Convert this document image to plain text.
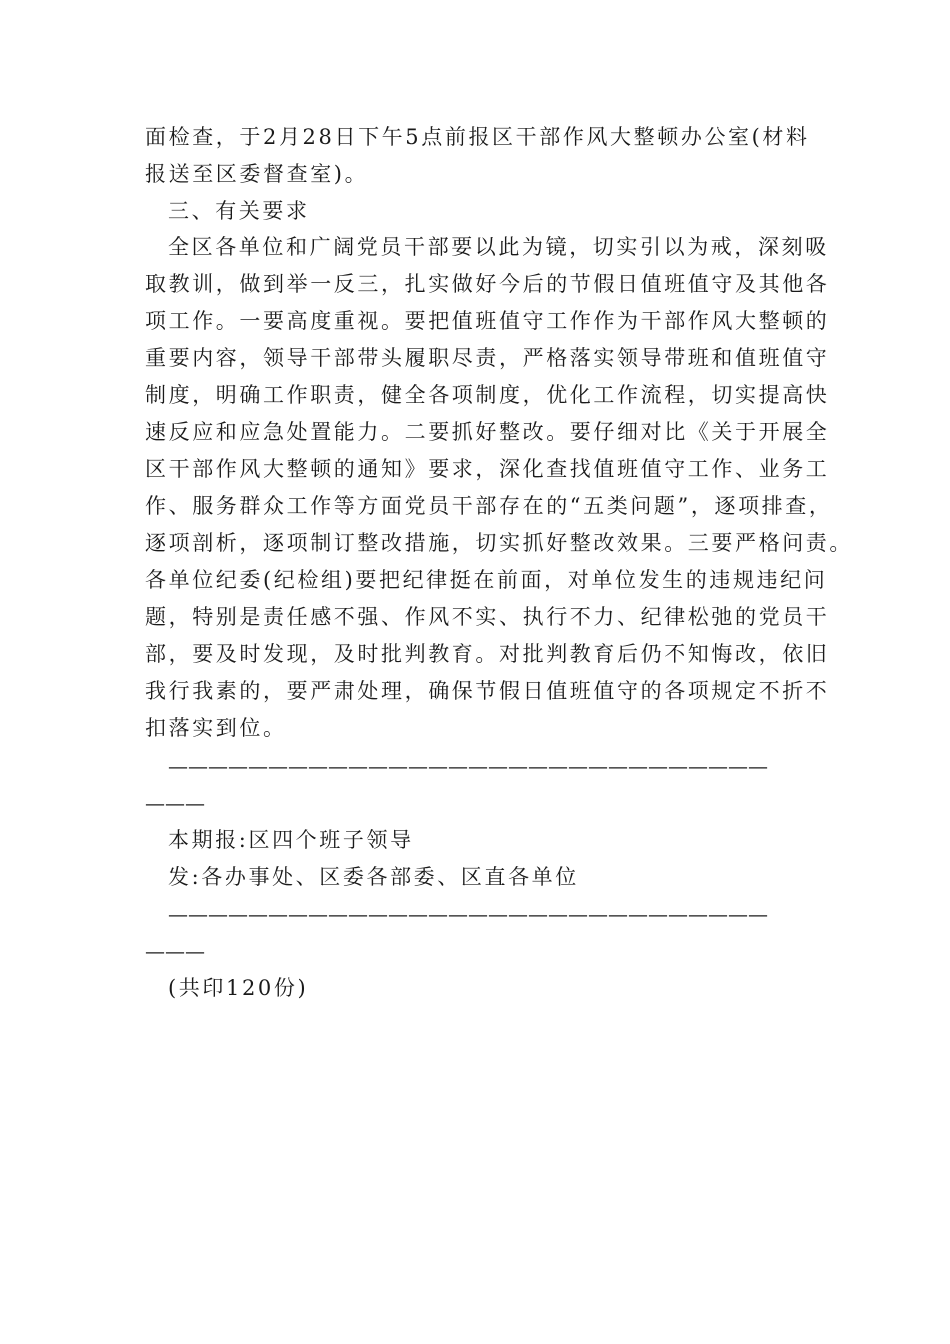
面检查，于2月28日下午5点前报区干部作风大整顿办公室(材料
报送至区委督查室)。
三、有关要求
全区各单位和广阔党员干部要以此为镜，切实引以为戒，深刻吸
取教训，做到举一反三，扎实做好今后的节假日值班值守及其他各
项工作。一要高度重视。要把值班值守工作作为干部作风大整顿的
重要内容，领导干部带头履职尽责，严格落实领导带班和值班值守
制度，明确工作职责，健全各项制度，优化工作流程，切实提高快
速反应和应急处置能力。二要抓好整改。要仔细对比《关于开展全
区干部作风大整顿的通知》要求，深化查找值班值守工作、业务工
作、服务群众工作等方面党员干部存在的“五类问题”，逐项排查，
逐项剖析，逐项制订整改措施，切实抓好整改效果。三要严格问责。
各单位纪委(纪检组)要把纪律挺在前面，对单位发生的违规违纪问
题，特别是责任感不强、作风不实、执行不力、纪律松弛的党员干
部，要及时发现，及时批判教育。对批判教育后仍不知悔改，依旧
我行我素的，要严肃处理，确保节假日值班值守的各项规定不折不
扣落实到位。
——————————————————————————————
———
本期报:区四个班子领导
发:各办事处、区委各部委、区直各单位
——————————————————————————————
———
(共印120份)
